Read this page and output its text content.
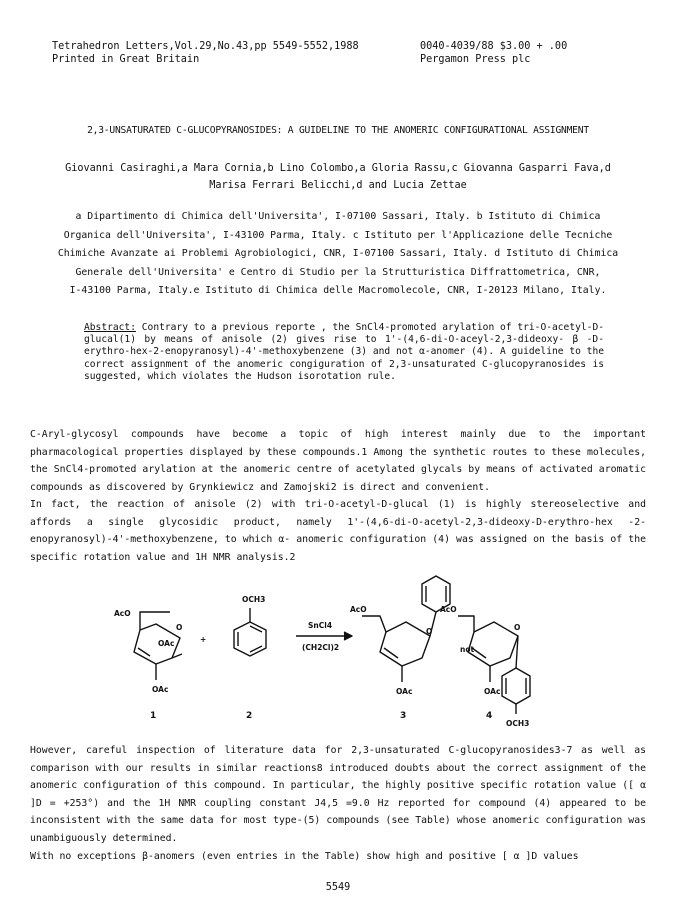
Tetrahedron Letters,Vol.29,No.43,pp 5549-5552,1988
Printed in Great Britain
0040-4039/88 $3.00 + .00
Pergamon Press plc
2,3-UNSATURATED C-GLUCOPYRANOSIDES: A GUIDELINE TO THE ANOMERIC CONFIGURATIONAL ASSIGNMENT
Giovanni Casiraghi,a Mara Cornia,b Lino Colombo,a Gloria Rassu,c Giovanna Gasparri Fava,d
Marisa Ferrari Belicchi,d and Lucia Zettae
a Dipartimento di Chimica dell'Universita', I-07100 Sassari, Italy. b Istituto di Chimica
Organica dell'Universita', I-43100 Parma, Italy. c Istituto per l'Applicazione delle Tecniche
Chimiche Avanzate ai Problemi Agrobiologici, CNR, I-07100 Sassari, Italy. d Istituto di Chimica
Generale dell'Universita' e Centro di Studio per la Strutturistica Diffrattometrica, CNR,
I-43100 Parma, Italy.e Istituto di Chimica delle Macromolecole, CNR, I-20123 Milano, Italy.
Abstract: Contrary to a previous reporte , the SnCl4-promoted arylation of tri-O-acetyl-D-glucal(1) by means of anisole (2) gives rise to 1'-(4,6-di-O-aceyl-2,3-dideoxy- β -D-erythro-hex-2-enopyranosyl)-4'-methoxybenzene (3) and not α-anomer (4). A guideline to the correct assignment of the anomeric congiguration of 2,3-unsaturated C-glucopyranosides is suggested, which violates the Hudson isorotation rule.

C-Aryl-glycosyl compounds have become a topic of high interest mainly due to the important pharmacological properties displayed by these compounds.1 Among the synthetic routes to these molecules, the SnCl4-promoted arylation at the anomeric centre of acetylated glycals by means of activated aromatic compounds as discovered by Grynkiewicz and Zamojski2 is direct and convenient.

In fact, the reaction of anisole (2) with tri-O-acetyl-D-glucal (1) is highly stereoselective and affords a single glycosidic product, namely 1'-(4,6-di-O-acetyl-2,3-dideoxy-D-erythro-hex -2-enopyranosyl)-4'-methoxybenzene, to which α- anomeric configuration (4) was assigned on the basis of the specific rotation value and 1H NMR analysis.2

AcO
OAc
O
OAc
+
OCH3
SnCl4
(CH2Cl)2
AcO
O
OAc
not
AcO
O
OAc
OCH3
1	2	3	4
However, careful inspection of literature data for 2,3-unsaturated C-glucopyranosides3-7 as well as comparison with our results in similar reactions8 introduced doubts about the correct assignment of the anomeric configuration of this compound. In particular, the highly positive specific rotation value ([ α ]D = +253°) and the 1H NMR coupling constant J4,5 =9.0 Hz reported for compound (4) appeared to be inconsistent with the same data for most type-(5) compounds (see Table) whose anomeric configuration was unambiguously determined.
With no exceptions β-anomers (even entries in the Table) show high and positive [ α ]D values
5549
